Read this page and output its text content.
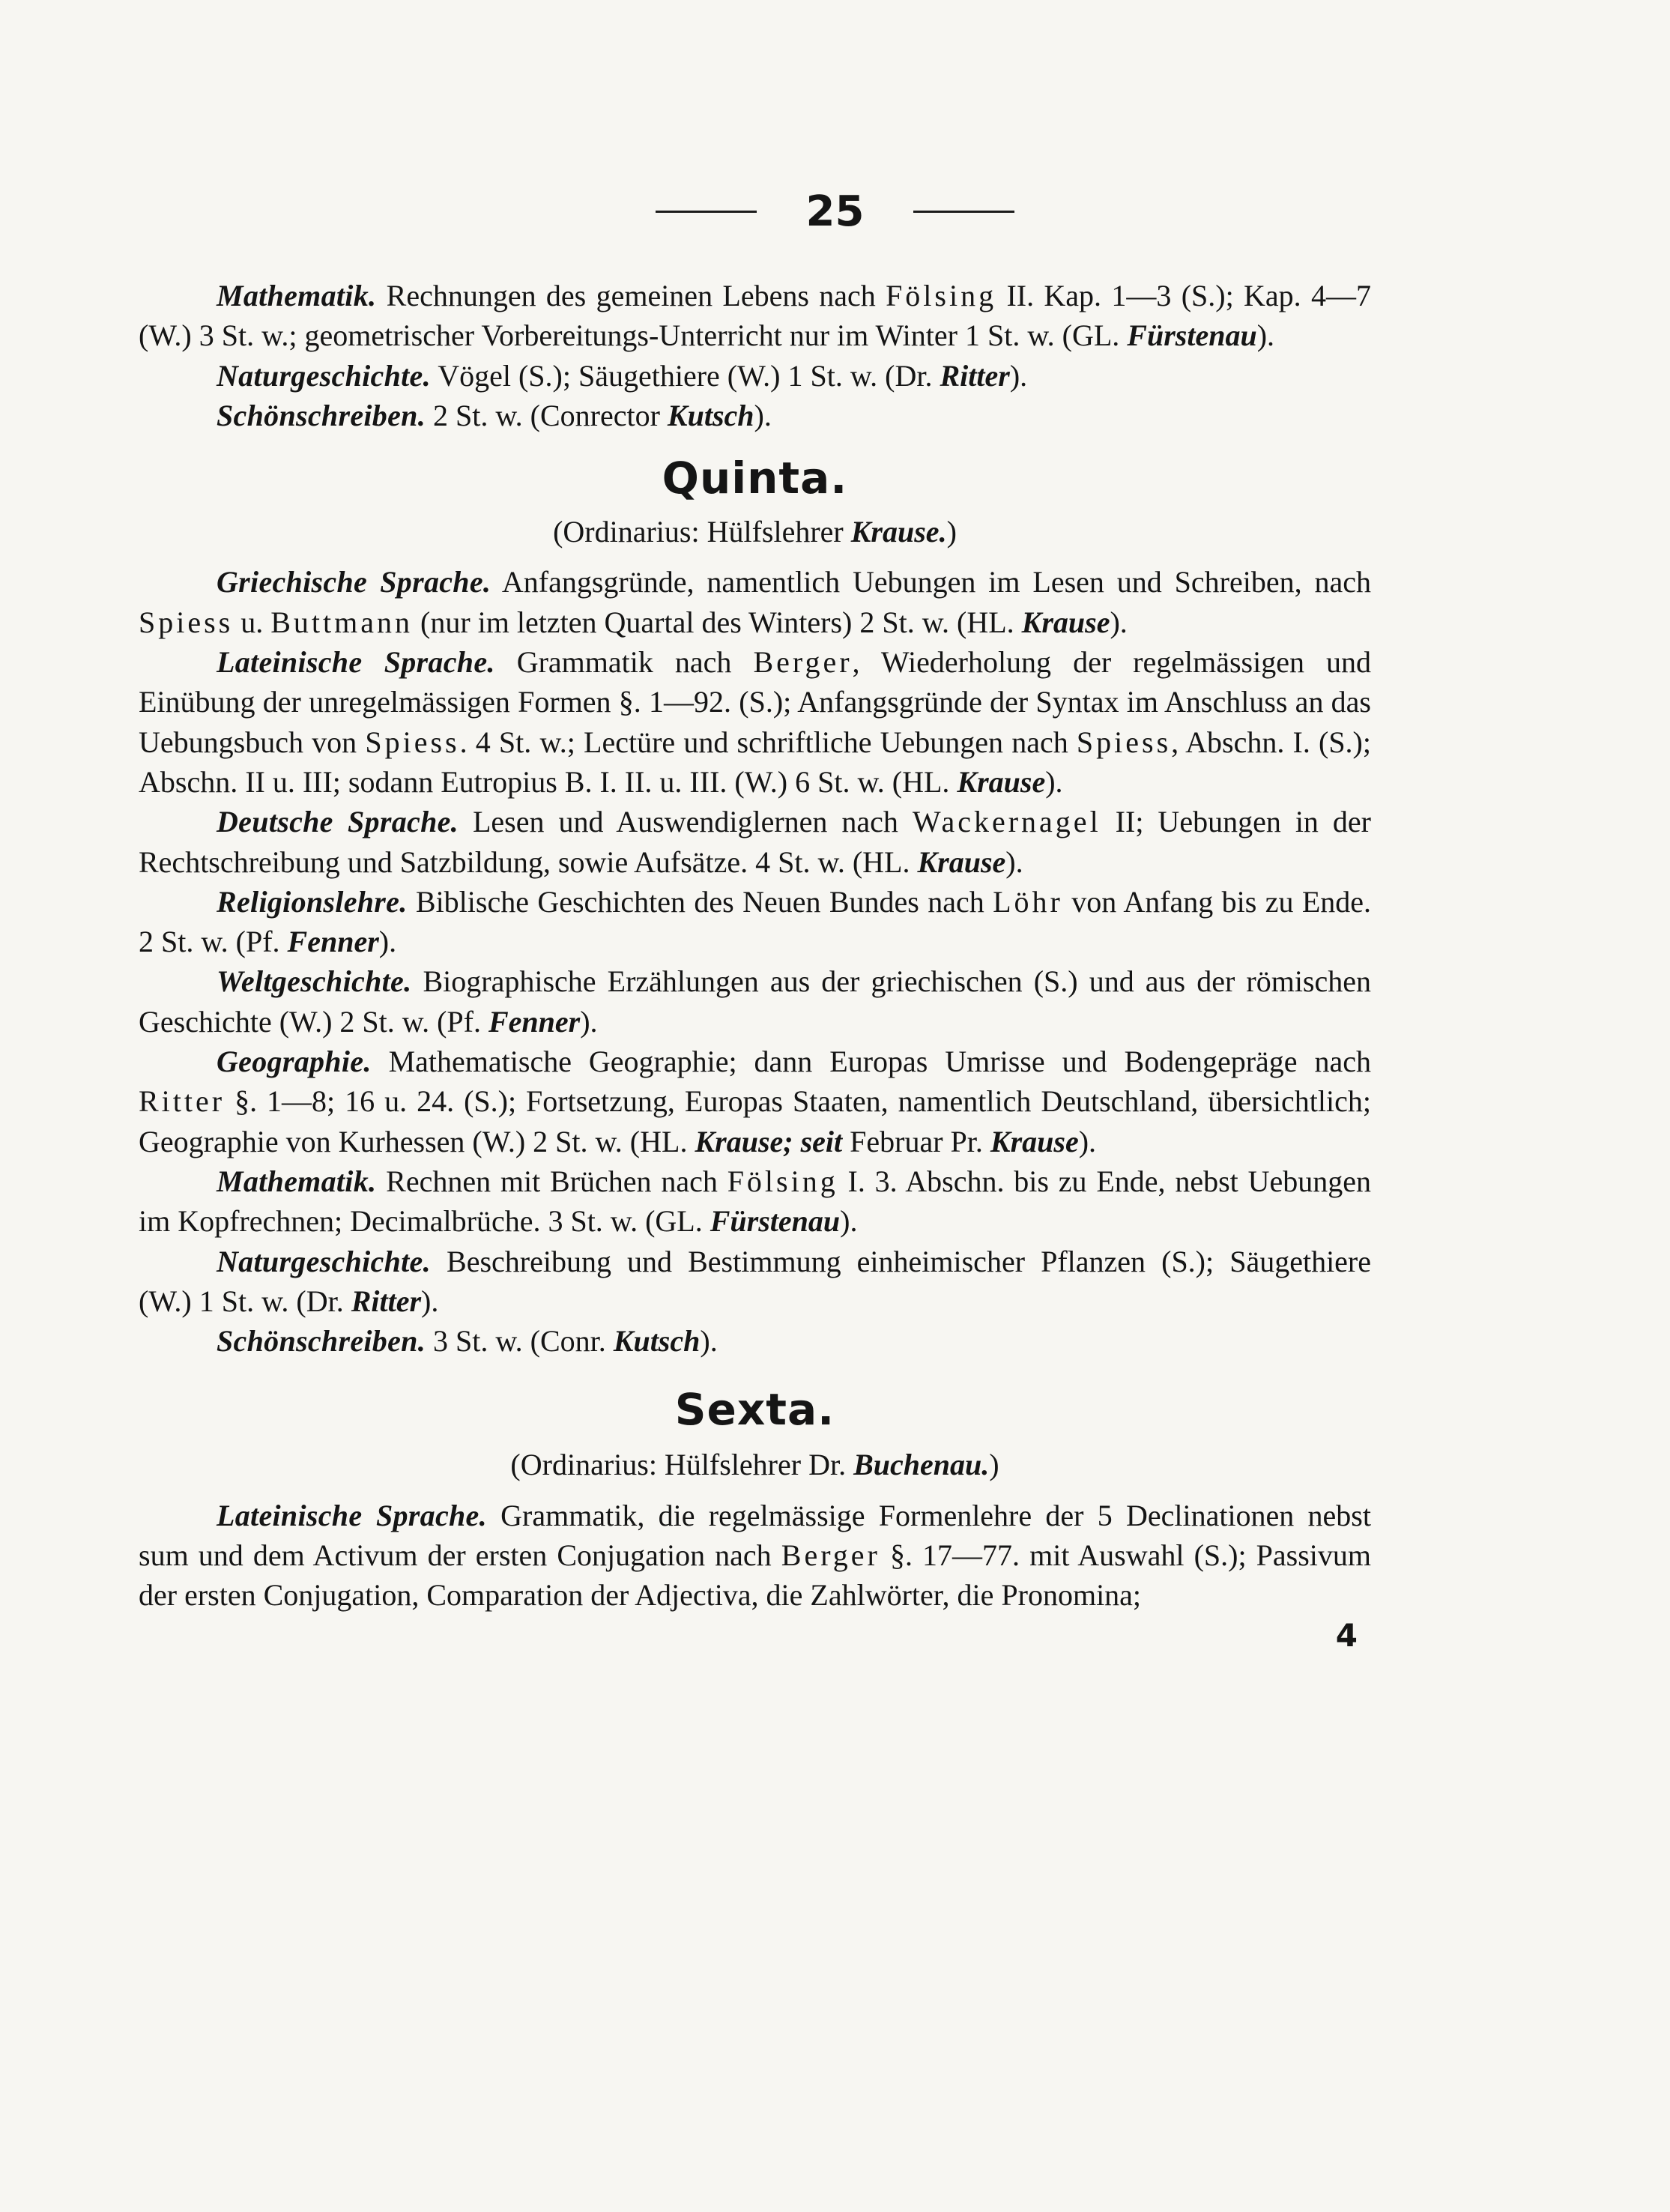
25

Mathematik. Rechnungen des gemeinen Lebens nach Fölsing II. Kap. 1—3 (S.); Kap. 4—7 (W.) 3 St. w.; geometrischer Vorbereitungs-Unterricht nur im Winter 1 St. w. (GL. Fürstenau).

Naturgeschichte. Vögel (S.); Säugethiere (W.) 1 St. w. (Dr. Ritter).

Schönschreiben. 2 St. w. (Conrector Kutsch).

Quinta.

(Ordinarius: Hülfslehrer Krause.)

Griechische Sprache. Anfangsgründe, namentlich Uebungen im Lesen und Schreiben, nach Spiess u. Buttmann (nur im letzten Quartal des Winters) 2 St. w. (HL. Krause).

Lateinische Sprache. Grammatik nach Berger, Wiederholung der regelmässigen und Einübung der unregelmässigen Formen §. 1—92. (S.); Anfangsgründe der Syntax im Anschluss an das Uebungsbuch von Spiess. 4 St. w.; Lectüre und schriftliche Uebungen nach Spiess, Abschn. I. (S.); Abschn. II u. III; sodann Eutropius B. I. II. u. III. (W.) 6 St. w. (HL. Krause).

Deutsche Sprache. Lesen und Auswendiglernen nach Wackernagel II; Uebungen in der Rechtschreibung und Satzbildung, sowie Aufsätze. 4 St. w. (HL. Krause).

Religionslehre. Biblische Geschichten des Neuen Bundes nach Löhr von Anfang bis zu Ende. 2 St. w. (Pf. Fenner).

Weltgeschichte. Biographische Erzählungen aus der griechischen (S.) und aus der römischen Geschichte (W.) 2 St. w. (Pf. Fenner).

Geographie. Mathematische Geographie; dann Europas Umrisse und Bodengepräge nach Ritter §. 1—8; 16 u. 24. (S.); Fortsetzung, Europas Staaten, namentlich Deutschland, übersichtlich; Geographie von Kurhessen (W.) 2 St. w. (HL. Krause; seit Februar Pr. Krause).

Mathematik. Rechnen mit Brüchen nach Fölsing I. 3. Abschn. bis zu Ende, nebst Uebungen im Kopfrechnen; Decimalbrüche. 3 St. w. (GL. Fürstenau).

Naturgeschichte. Beschreibung und Bestimmung einheimischer Pflanzen (S.); Säugethiere (W.) 1 St. w. (Dr. Ritter).

Schönschreiben. 3 St. w. (Conr. Kutsch).

Sexta.

(Ordinarius: Hülfslehrer Dr. Buchenau.)

Lateinische Sprache. Grammatik, die regelmässige Formenlehre der 5 Declinationen nebst sum und dem Activum der ersten Conjugation nach Berger §. 17—77. mit Auswahl (S.); Passivum der ersten Conjugation, Comparation der Adjectiva, die Zahlwörter, die Pronomina;

4
